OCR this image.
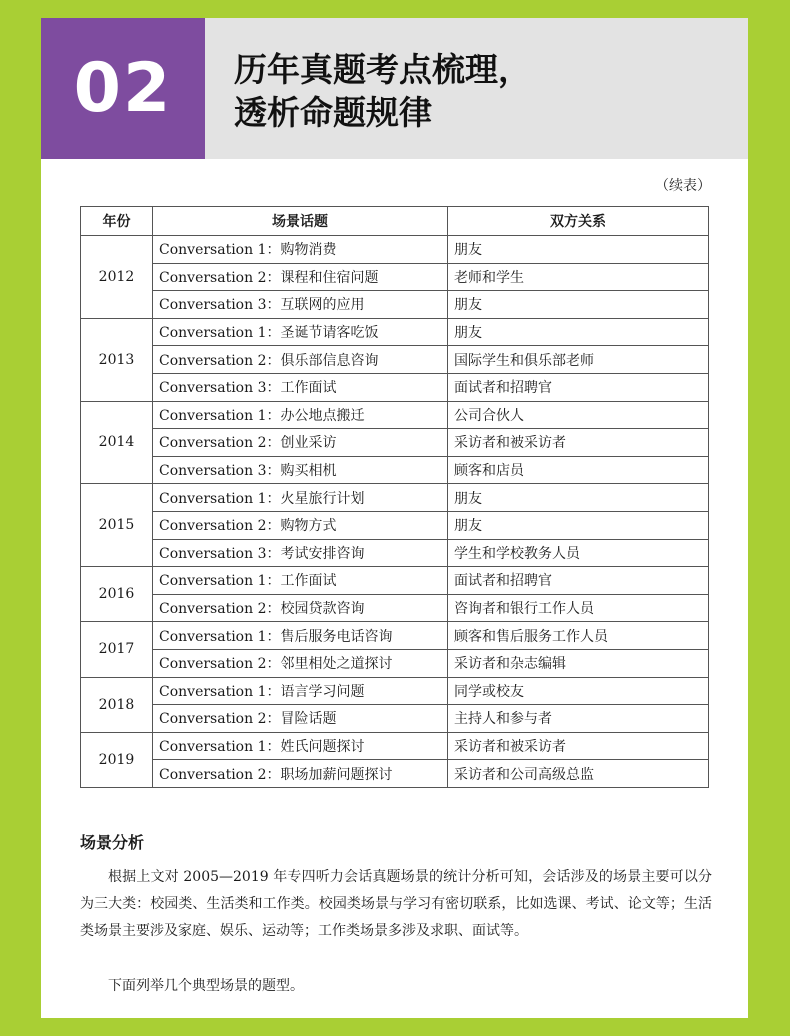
02	历年真题考点梳理，
透析命题规律
（续表）
年份	场景话题	双方关系
2012	Conversation 1：购物消费	朋友
	Conversation 2：课程和住宿问题	老师和学生
	Conversation 3：互联网的应用	朋友
2013	Conversation 1：圣诞节请客吃饭	朋友
	Conversation 2：俱乐部信息咨询	国际学生和俱乐部老师
	Conversation 3：工作面试	面试者和招聘官
2014	Conversation 1：办公地点搬迁	公司合伙人
	Conversation 2：创业采访	采访者和被采访者
	Conversation 3：购买相机	顾客和店员
2015	Conversation 1：火星旅行计划	朋友
	Conversation 2：购物方式	朋友
	Conversation 3：考试安排咨询	学生和学校教务人员
2016	Conversation 1：工作面试	面试者和招聘官
	Conversation 2：校园贷款咨询	咨询者和银行工作人员
2017	Conversation 1：售后服务电话咨询	顾客和售后服务工作人员
	Conversation 2：邻里相处之道探讨	采访者和杂志编辑
2018	Conversation 1：语言学习问题	同学或校友
	Conversation 2：冒险话题	主持人和参与者
2019	Conversation 1：姓氏问题探讨	采访者和被采访者
	Conversation 2：职场加薪问题探讨	采访者和公司高级总监
场景分析
根据上文对 2005—2019 年专四听力会话真题场景的统计分析可知，会话涉及的场景主要可以分为三大类：校园类、生活类和工作类。校园类场景与学习有密切联系，比如选课、考试、论文等；生活类场景主要涉及家庭、娱乐、运动等；工作类场景多涉及求职、面试等。
下面列举几个典型场景的题型。
